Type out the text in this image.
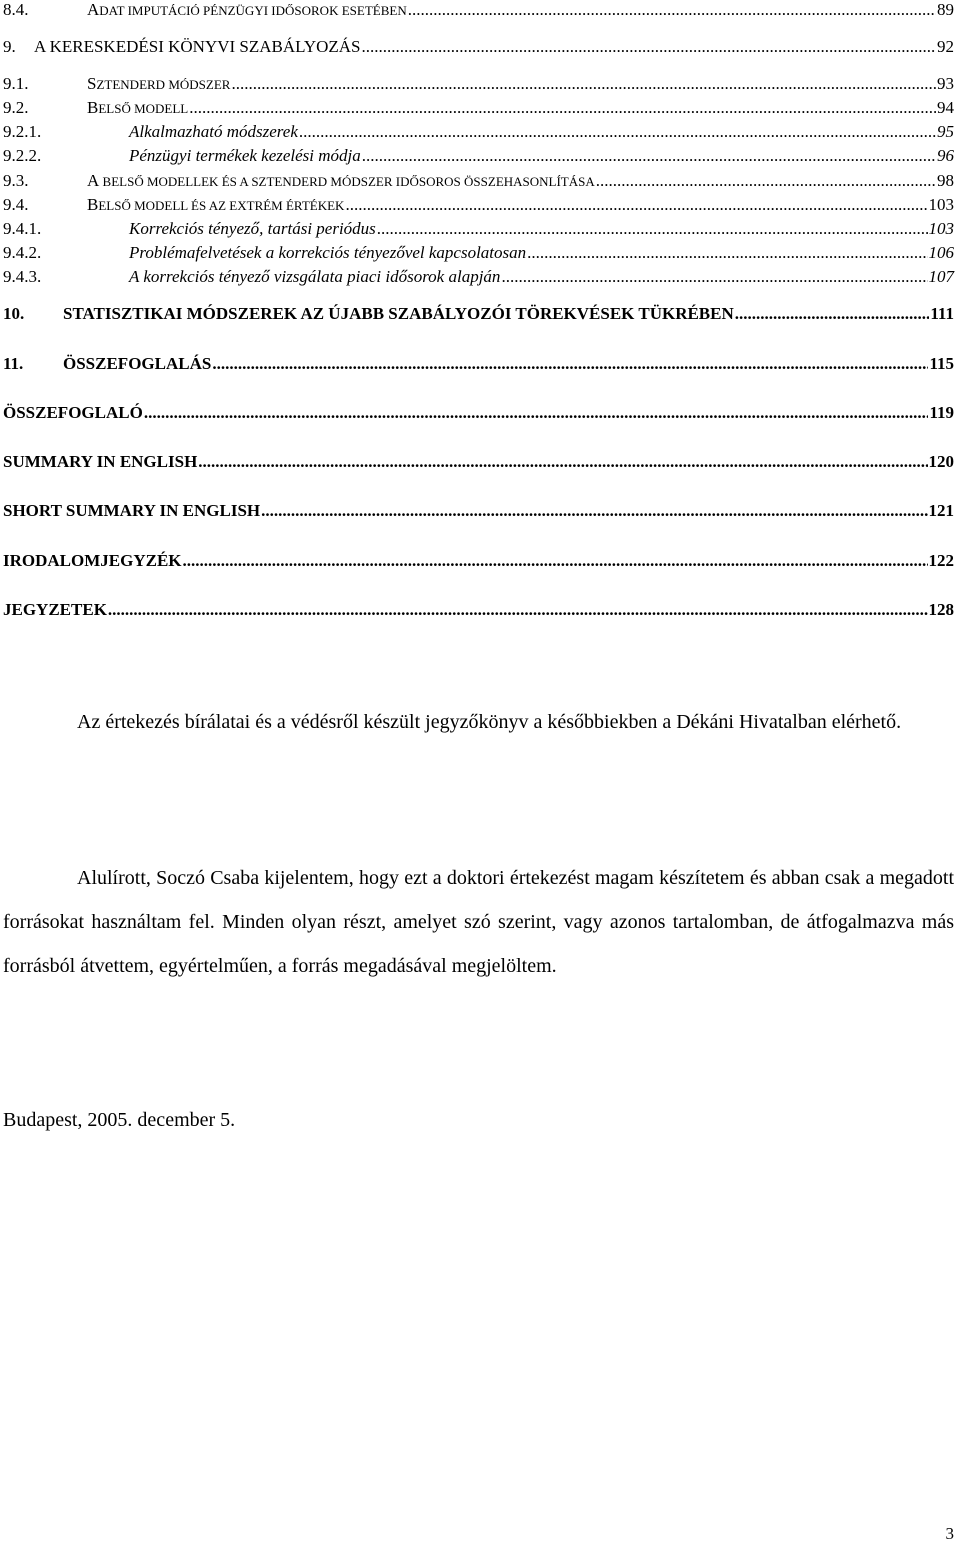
8.4.	ADAT IMPUTÁCIÓ PÉNZÜGYI IDŐSOROK ESETÉBEN .....	89
9.	A KERESKEDÉSI KÖNYVI SZABÁLYOZÁS .....	92
9.1.	SZTENDERD MÓDSZER .....	93
9.2.	BELSŐ MODELL .....	94
9.2.1.	Alkalmazható módszerek .....	95
9.2.2.	Pénzügyi termékek kezelési módja .....	96
9.3.	A BELSŐ MODELLEK ÉS A SZTENDERD MÓDSZER IDŐSOROS ÖSSZEHASONLÍTÁSA .....	98
9.4.	BELSŐ MODELL ÉS AZ EXTRÉM ÉRTÉKEK .....	103
9.4.1.	Korrekciós tényező, tartási periódus .....	103
9.4.2.	Problémafelvetések a korrekciós tényezővel kapcsolatosan .....	106
9.4.3.	A korrekciós tényező vizsgálata piaci idősorok alapján .....	107
10.	STATISZTIKAI MÓDSZEREK AZ ÚJABB SZABÁLYOZÓI TÖREKVÉSEK TÜKRÉBEN .....	111
11.	ÖSSZEFOGLALÁS .....	115
ÖSSZEFOGLALÓ .....	119
SUMMARY IN ENGLISH .....	120
SHORT SUMMARY IN ENGLISH .....	121
IRODALOMJEGYZÉK .....	122
JEGYZETEK .....	128
Az értekezés bírálatai és a védésről készült jegyzőkönyv a későbbiekben a Dékáni Hivatalban elérhető.
Alulírott, Soczó Csaba kijelentem, hogy ezt a doktori értekezést magam készítetem és abban csak a megadott forrásokat használtam fel. Minden olyan részt, amelyet szó szerint, vagy azonos tartalomban, de átfogalmazva más forrásból átvettem, egyértelműen, a forrás megadásával megjelöltem.
Budapest, 2005. december 5.
3
